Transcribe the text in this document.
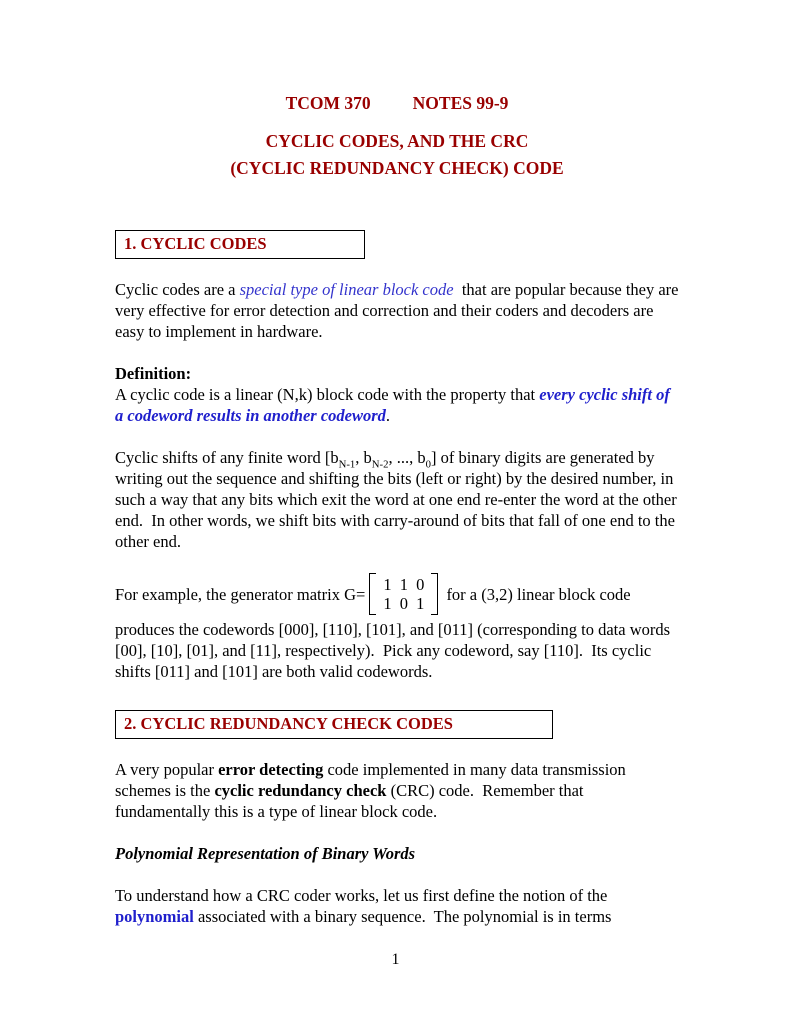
TCOM 370 NOTES 99-9
CYCLIC CODES, AND THE CRC
(CYCLIC REDUNDANCY CHECK) CODE
1. CYCLIC CODES

Cyclic codes are a special type of linear block code  that are popular because they are very effective for error detection and correction and their coders and decoders are easy to implement in hardware.

Definition:
A cyclic code is a linear (N,k) block code with the property that every cyclic shift of a codeword results in another codeword.

Cyclic shifts of any finite word [$b_{N-1}$, $b_{N-2}$, ..., $b_0$] of binary digits are generated by writing out the sequence and shifting the bits (left or right) by the desired number, in such a way that any bits which exit the word at one end re-enter the word at the other end.  In other words, we shift bits with carry-around of bits that fall of one end to the other end.

For example, the generator matrix G= 1 1 0
1 0 1 for a (3,2) linear block code
produces the codewords [000], [110], [101], and [011] (corresponding to data words [00], [10], [01], and [11], respectively).  Pick any codeword, say [110].  Its cyclic shifts [011] and [101] are both valid codewords.
2. CYCLIC REDUNDANCY CHECK CODES

A very popular error detecting code implemented in many data transmission schemes is the cyclic redundancy check (CRC) code.  Remember that fundamentally this is a type of linear block code.

Polynomial Representation of Binary Words

To understand how a CRC coder works, let us first define the notion of the polynomial associated with a binary sequence.  The polynomial is in terms

1
